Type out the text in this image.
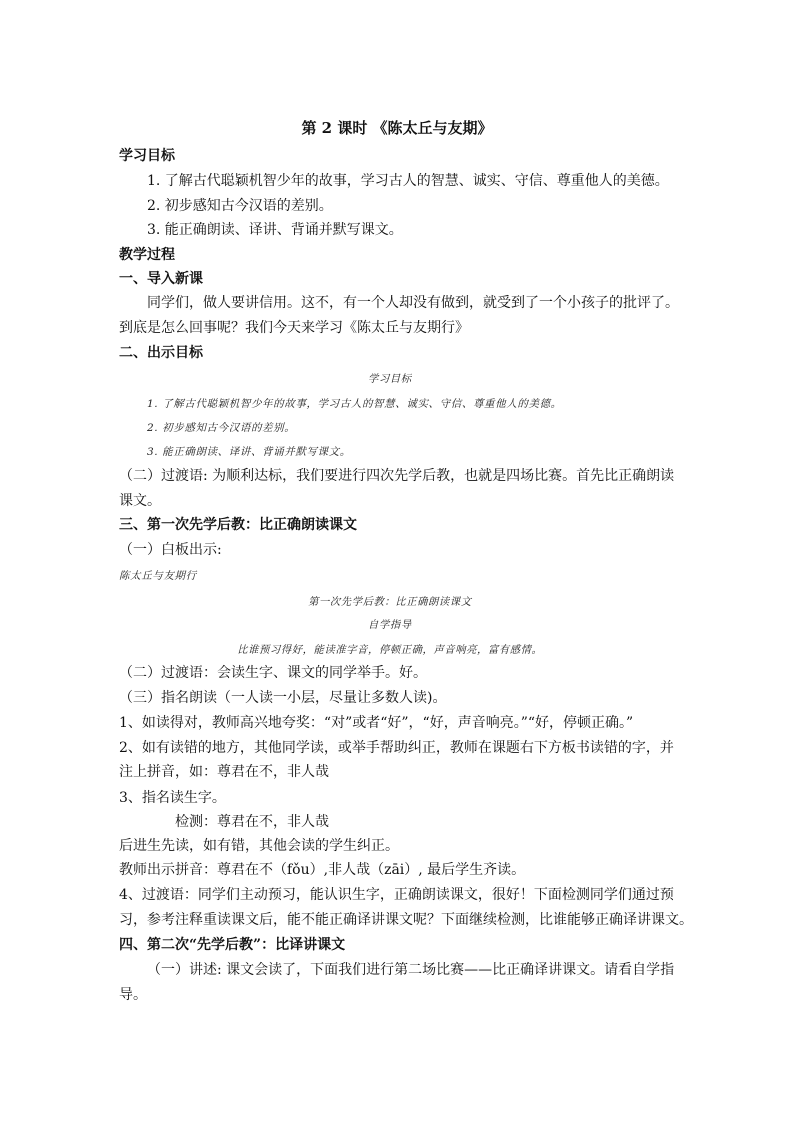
第 2 课时 《陈太丘与友期》
学习目标
1. 了解古代聪颖机智少年的故事，学习古人的智慧、诚实、守信、尊重他人的美德。
2. 初步感知古今汉语的差别。
3. 能正确朗读、译讲、背诵并默写课文。
教学过程
一、导入新课
同学们，做人要讲信用。这不，有一个人却没有做到，就受到了一个小孩子的批评了。
到底是怎么回事呢？我们今天来学习《陈太丘与友期行》
二、出示目标
学习目标
1. 了解古代聪颖机智少年的故事，学习古人的智慧、诚实、守信、尊重他人的美德。
2. 初步感知古今汉语的差别。
3. 能正确朗读、译讲、背诵并默写课文。
（二）过渡语: 为顺利达标，我们要进行四次先学后教，也就是四场比赛。首先比正确朗读
课文。
三、第一次先学后教：比正确朗读课文
（一）白板出示:
陈太丘与友期行
第一次先学后教：比正确朗读课文
自学指导
比谁预习得好，能读准字音，停顿正确，声音响亮，富有感情。
（二）过渡语：会读生字、课文的同学举手。好。
（三）指名朗读（一人读一小层，尽量让多数人读)。
1、如读得对，教师高兴地夸奖：“对”或者“好”，“好，声音响亮。”“好，停顿正确。”
2、如有读错的地方，其他同学读，或举手帮助纠正，教师在课题右下方板书读错的字，并
注上拼音，如：尊君在不，非人哉
3、指名读生字。
检测：尊君在不，非人哉
后进生先读，如有错，其他会读的学生纠正。
教师出示拼音：尊君在不（fǒu）,非人哉（zāi）, 最后学生齐读。
4、过渡语：同学们主动预习，能认识生字，正确朗读课文，很好！下面检测同学们通过预
习，参考注释重读课文后，能不能正确译讲课文呢？下面继续检测，比谁能够正确译讲课文。
四、第二次“先学后教”：比译讲课文
（一）讲述: 课文会读了，下面我们进行第二场比赛——比正确译讲课文。请看自学指
导。
